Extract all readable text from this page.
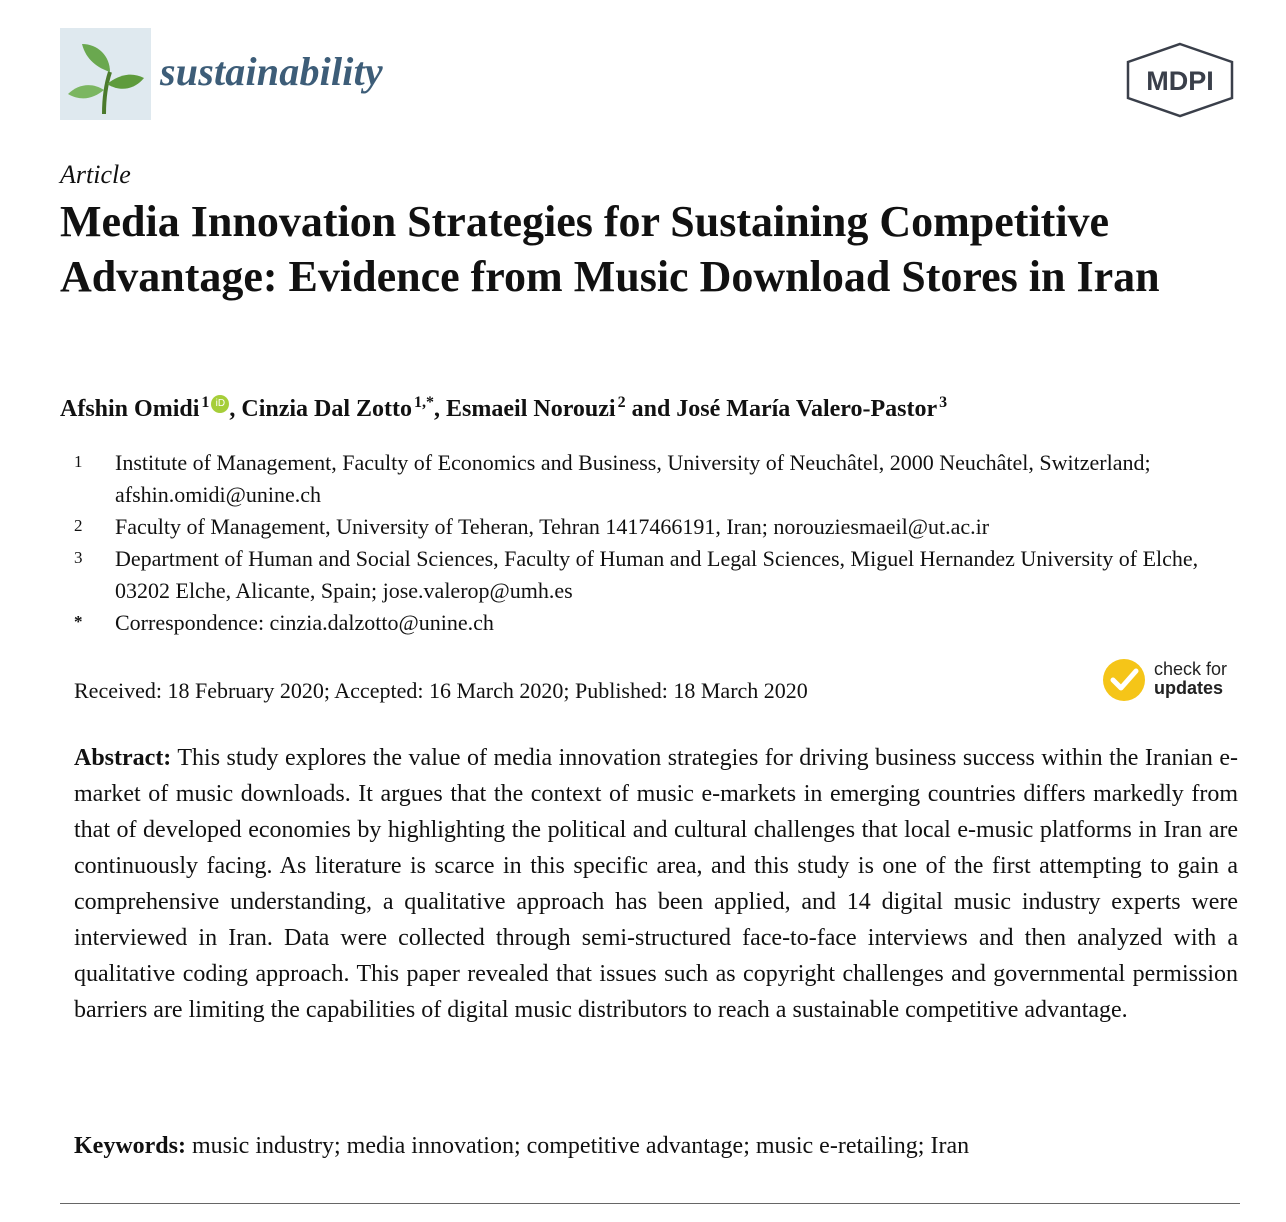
sustainability	MDPI
Article
Media Innovation Strategies for Sustaining Competitive Advantage: Evidence from Music Download Stores in Iran
Afshin Omidi $^1$ iD , Cinzia Dal Zotto $^{1,*}$, Esmaeil Norouzi $^2$ and José María Valero-Pastor $^3$
1 Institute of Management, Faculty of Economics and Business, University of Neuchâtel, 2000 Neuchâtel, Switzerland; afshin.omidi@unine.ch
2 Faculty of Management, University of Teheran, Tehran 1417466191, Iran; norouziesmaeil@ut.ac.ir
3 Department of Human and Social Sciences, Faculty of Human and Legal Sciences, Miguel Hernandez University of Elche, 03202 Elche, Alicante, Spain; jose.valerop@umh.es
* Correspondence: cinzia.dalzotto@unine.ch
Received: 18 February 2020; Accepted: 16 March 2020; Published: 18 March 2020
check for
updates

Abstract: This study explores the value of media innovation strategies for driving business success within the Iranian e-market of music downloads. It argues that the context of music e-markets in emerging countries differs markedly from that of developed economies by highlighting the political and cultural challenges that local e-music platforms in Iran are continuously facing. As literature is scarce in this specific area, and this study is one of the first attempting to gain a comprehensive understanding, a qualitative approach has been applied, and 14 digital music industry experts were interviewed in Iran. Data were collected through semi-structured face-to-face interviews and then analyzed with a qualitative coding approach. This paper revealed that issues such as copyright challenges and governmental permission barriers are limiting the capabilities of digital music distributors to reach a sustainable competitive advantage.

Keywords: music industry; media innovation; competitive advantage; music e-retailing; Iran
